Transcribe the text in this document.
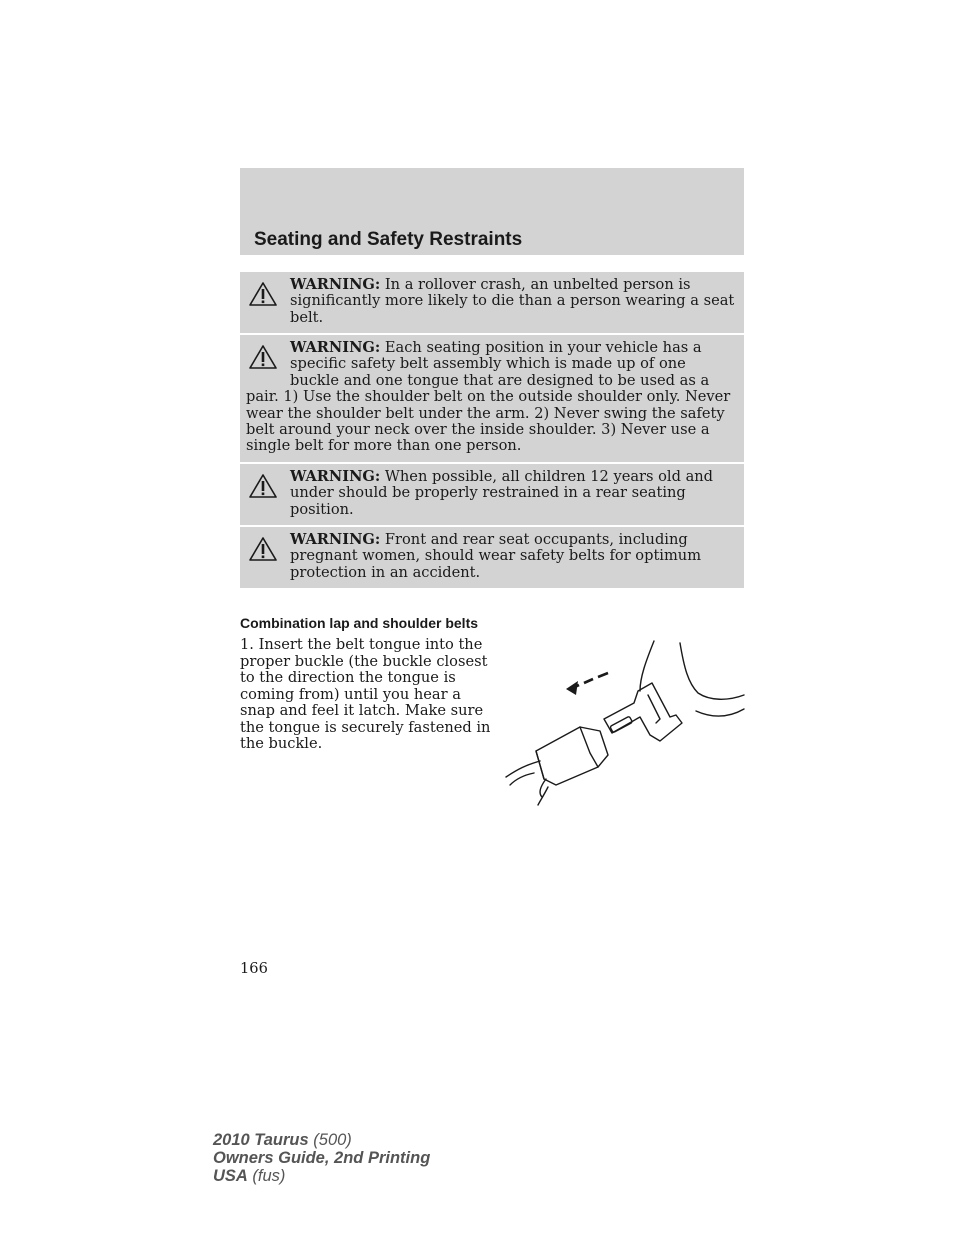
Seating and Safety Restraints
WARNING: In a rollover crash, an unbelted person is significantly more likely to die than a person wearing a seat belt.
WARNING: Each seating position in your vehicle has a specific safety belt assembly which is made up of one buckle and one tongue that are designed to be used as a pair. 1) Use the shoulder belt on the outside shoulder only. Never wear the shoulder belt under the arm. 2) Never swing the safety belt around your neck over the inside shoulder. 3) Never use a single belt for more than one person.
WARNING: When possible, all children 12 years old and under should be properly restrained in a rear seating position.
WARNING: Front and rear seat occupants, including pregnant women, should wear safety belts for optimum protection in an accident.
Combination lap and shoulder belts

1. Insert the belt tongue into the proper buckle (the buckle closest to the direction the tongue is coming from) until you hear a snap and feel it latch. Make sure the tongue is securely fastened in the buckle.

166
2010 Taurus (500)
Owners Guide, 2nd Printing
USA (fus)
